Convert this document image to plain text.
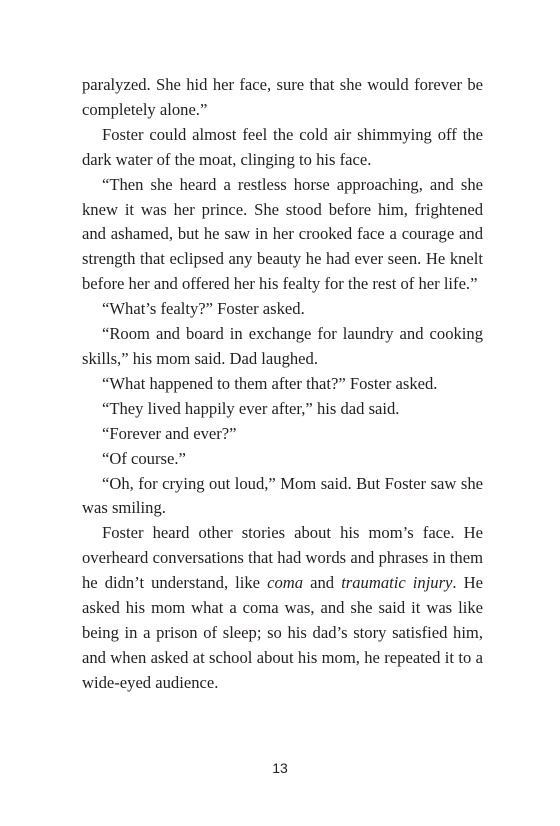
paralyzed. She hid her face, sure that she would forever be completely alone.”

Foster could almost feel the cold air shimmying off the dark water of the moat, clinging to his face.

“Then she heard a restless horse approaching, and she knew it was her prince. She stood before him, frightened and ashamed, but he saw in her crooked face a courage and strength that eclipsed any beauty he had ever seen. He knelt before her and offered her his fealty for the rest of her life.”

“What’s fealty?” Foster asked.

“Room and board in exchange for laundry and cooking skills,” his mom said. Dad laughed.

“What happened to them after that?” Foster asked.

“They lived happily ever after,” his dad said.

“Forever and ever?”

“Of course.”

“Oh, for crying out loud,” Mom said. But Foster saw she was smiling.

Foster heard other stories about his mom’s face. He overheard conversations that had words and phrases in them he didn’t understand, like coma and traumatic injury. He asked his mom what a coma was, and she said it was like being in a prison of sleep; so his dad’s story satisfied him, and when asked at school about his mom, he repeated it to a wide-eyed audience.

13
